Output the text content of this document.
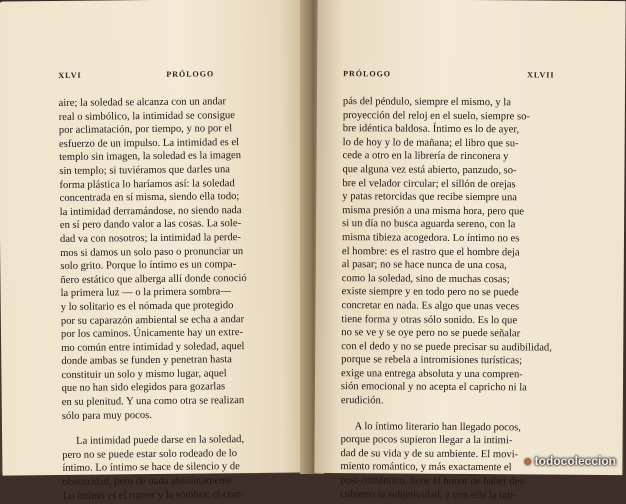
XLVI	PRÓLOGO

aire; la soledad se alcanza con un andar
real o simbólico, la intimidad se consigue
por aclimatación, por tiempo, y no por el
esfuerzo de un impulso. La intimidad es el
templo sin imagen, la soledad es la imagen
sin templo; si tuviéramos que darles una
forma plástica lo haríamos así: la soledad
concentrada en sí misma, siendo ella todo;
la intimidad derramándose, no siendo nada
en sí pero dando valor a las cosas. La sole-
dad va con nosotros; la intimidad la perde-
mos si damos un solo paso o pronunciar un
solo grito. Porque lo íntimo es un compa-
ñero estático que alberga allí donde conoció
la primera luz — o la primera sombra—
y lo solitario es el nómada que protegido
por su caparazón ambiental se echa a andar
por los caminos. Únicamente hay un extre-
mo común entre intimidad y soledad, aquel
donde ambas se funden y penetran hasta
constituir un solo y mismo lugar, aquel
que no han sido elegidos para gozarlas
en su plenitud. Y una como otra se realizan
sólo para muy pocos.

La intimidad puede darse en la soledad,
pero no se puede estar solo rodeado de lo
íntimo. Lo íntimo se hace de silencio y de
obscuridad, pero de nada absolutamente.
Lo íntimo es el rumor y la sombra; el com-

PRÓLOGO	XLVII

pás del péndulo, siempre el mismo, y la
proyección del reloj en el suelo, siempre so-
bre idéntica baldosa. Íntimo es lo de ayer,
lo de hoy y lo de mañana; el libro que su-
cede a otro en la librería de rinconera y
que alguna vez está abierto, panzudo, so-
bre el velador circular; el sillón de orejas
y patas retorcidas que recibe siempre una
misma presión a una misma hora, pero que
si un día no busca aguarda sereno, con la
misma tibieza acogedora. Lo íntimo no es
el hombre: es el rastro que el hombre deja
al pasar; no se hace nunca de una cosa,
como la soledad, sino de muchas cosas;
existe siempre y en todo pero no se puede
concretar en nada. Es algo que unas veces
tiene forma y otras sólo sonido. Es lo que
no se ve y se oye pero no se puede señalar
con el dedo y no se puede precisar su audibilidad,
porque se rebela a intromisiones turísticas;
exige una entrega absoluta y una compren-
sión emocional y no acepta el capricho ni la
erudición.

A lo íntimo literario han llegado pocos,
porque pocos supieron llegar a la intimi-
dad de su vida y de su ambiente. El movi-
miento romántico, y más exactamente el
post-romántico, tiene el honor de haber des-
cubierto la subjetividad, y con ella la inti-

● todocoleccion
